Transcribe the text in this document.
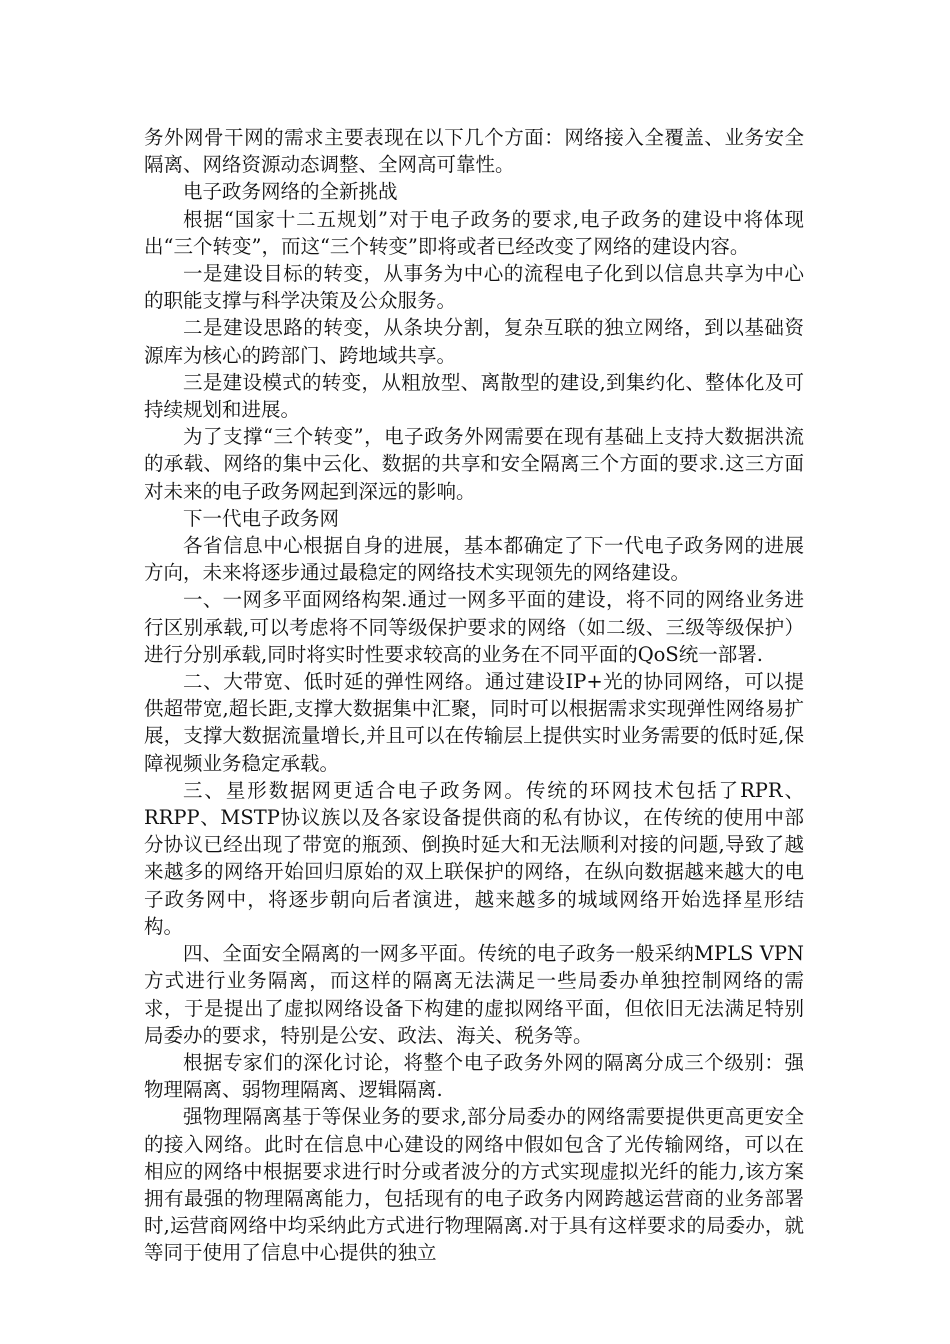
务外网骨干网的需求主要表现在以下几个方面：网络接入全覆盖、业务安全隔离、网络资源动态调整、全网高可靠性。

电子政务网络的全新挑战

根据“国家十二五规划”对于电子政务的要求,电子政务的建设中将体现出“三个转变”，而这“三个转变”即将或者已经改变了网络的建设内容。

一是建设目标的转变，从事务为中心的流程电子化到以信息共享为中心的职能支撑与科学决策及公众服务。

二是建设思路的转变，从条块分割，复杂互联的独立网络，到以基础资源库为核心的跨部门、跨地域共享。

三是建设模式的转变，从粗放型、离散型的建设,到集约化、整体化及可持续规划和进展。

为了支撑“三个转变”，电子政务外网需要在现有基础上支持大数据洪流的承载、网络的集中云化、数据的共享和安全隔离三个方面的要求.这三方面对未来的电子政务网起到深远的影响。

下一代电子政务网

各省信息中心根据自身的进展，基本都确定了下一代电子政务网的进展方向，未来将逐步通过最稳定的网络技术实现领先的网络建设。

一、一网多平面网络构架.通过一网多平面的建设，将不同的网络业务进行区别承载,可以考虑将不同等级保护要求的网络（如二级、三级等级保护）进行分别承载,同时将实时性要求较高的业务在不同平面的QoS统一部署.

二、大带宽、低时延的弹性网络。通过建设IP+光的协同网络，可以提供超带宽,超长距,支撑大数据集中汇聚，同时可以根据需求实现弹性网络易扩展，支撑大数据流量增长,并且可以在传输层上提供实时业务需要的低时延,保障视频业务稳定承载。

三、星形数据网更适合电子政务网。传统的环网技术包括了RPR、RRPP、MSTP协议族以及各家设备提供商的私有协议，在传统的使用中部分协议已经出现了带宽的瓶颈、倒换时延大和无法顺利对接的问题,导致了越来越多的网络开始回归原始的双上联保护的网络，在纵向数据越来越大的电子政务网中，将逐步朝向后者演进，越来越多的城域网络开始选择星形结构。

四、全面安全隔离的一网多平面。传统的电子政务一般采纳MPLS VPN方式进行业务隔离，而这样的隔离无法满足一些局委办单独控制网络的需求，于是提出了虚拟网络设备下构建的虚拟网络平面，但依旧无法满足特别局委办的要求，特别是公安、政法、海关、税务等。

根据专家们的深化讨论，将整个电子政务外网的隔离分成三个级别：强物理隔离、弱物理隔离、逻辑隔离.

强物理隔离基于等保业务的要求,部分局委办的网络需要提供更高更安全的接入网络。此时在信息中心建设的网络中假如包含了光传输网络，可以在相应的网络中根据要求进行时分或者波分的方式实现虚拟光纤的能力,该方案拥有最强的物理隔离能力，包括现有的电子政务内网跨越运营商的业务部署时,运营商网络中均采纳此方式进行物理隔离.对于具有这样要求的局委办，就等同于使用了信息中心提供的独立
